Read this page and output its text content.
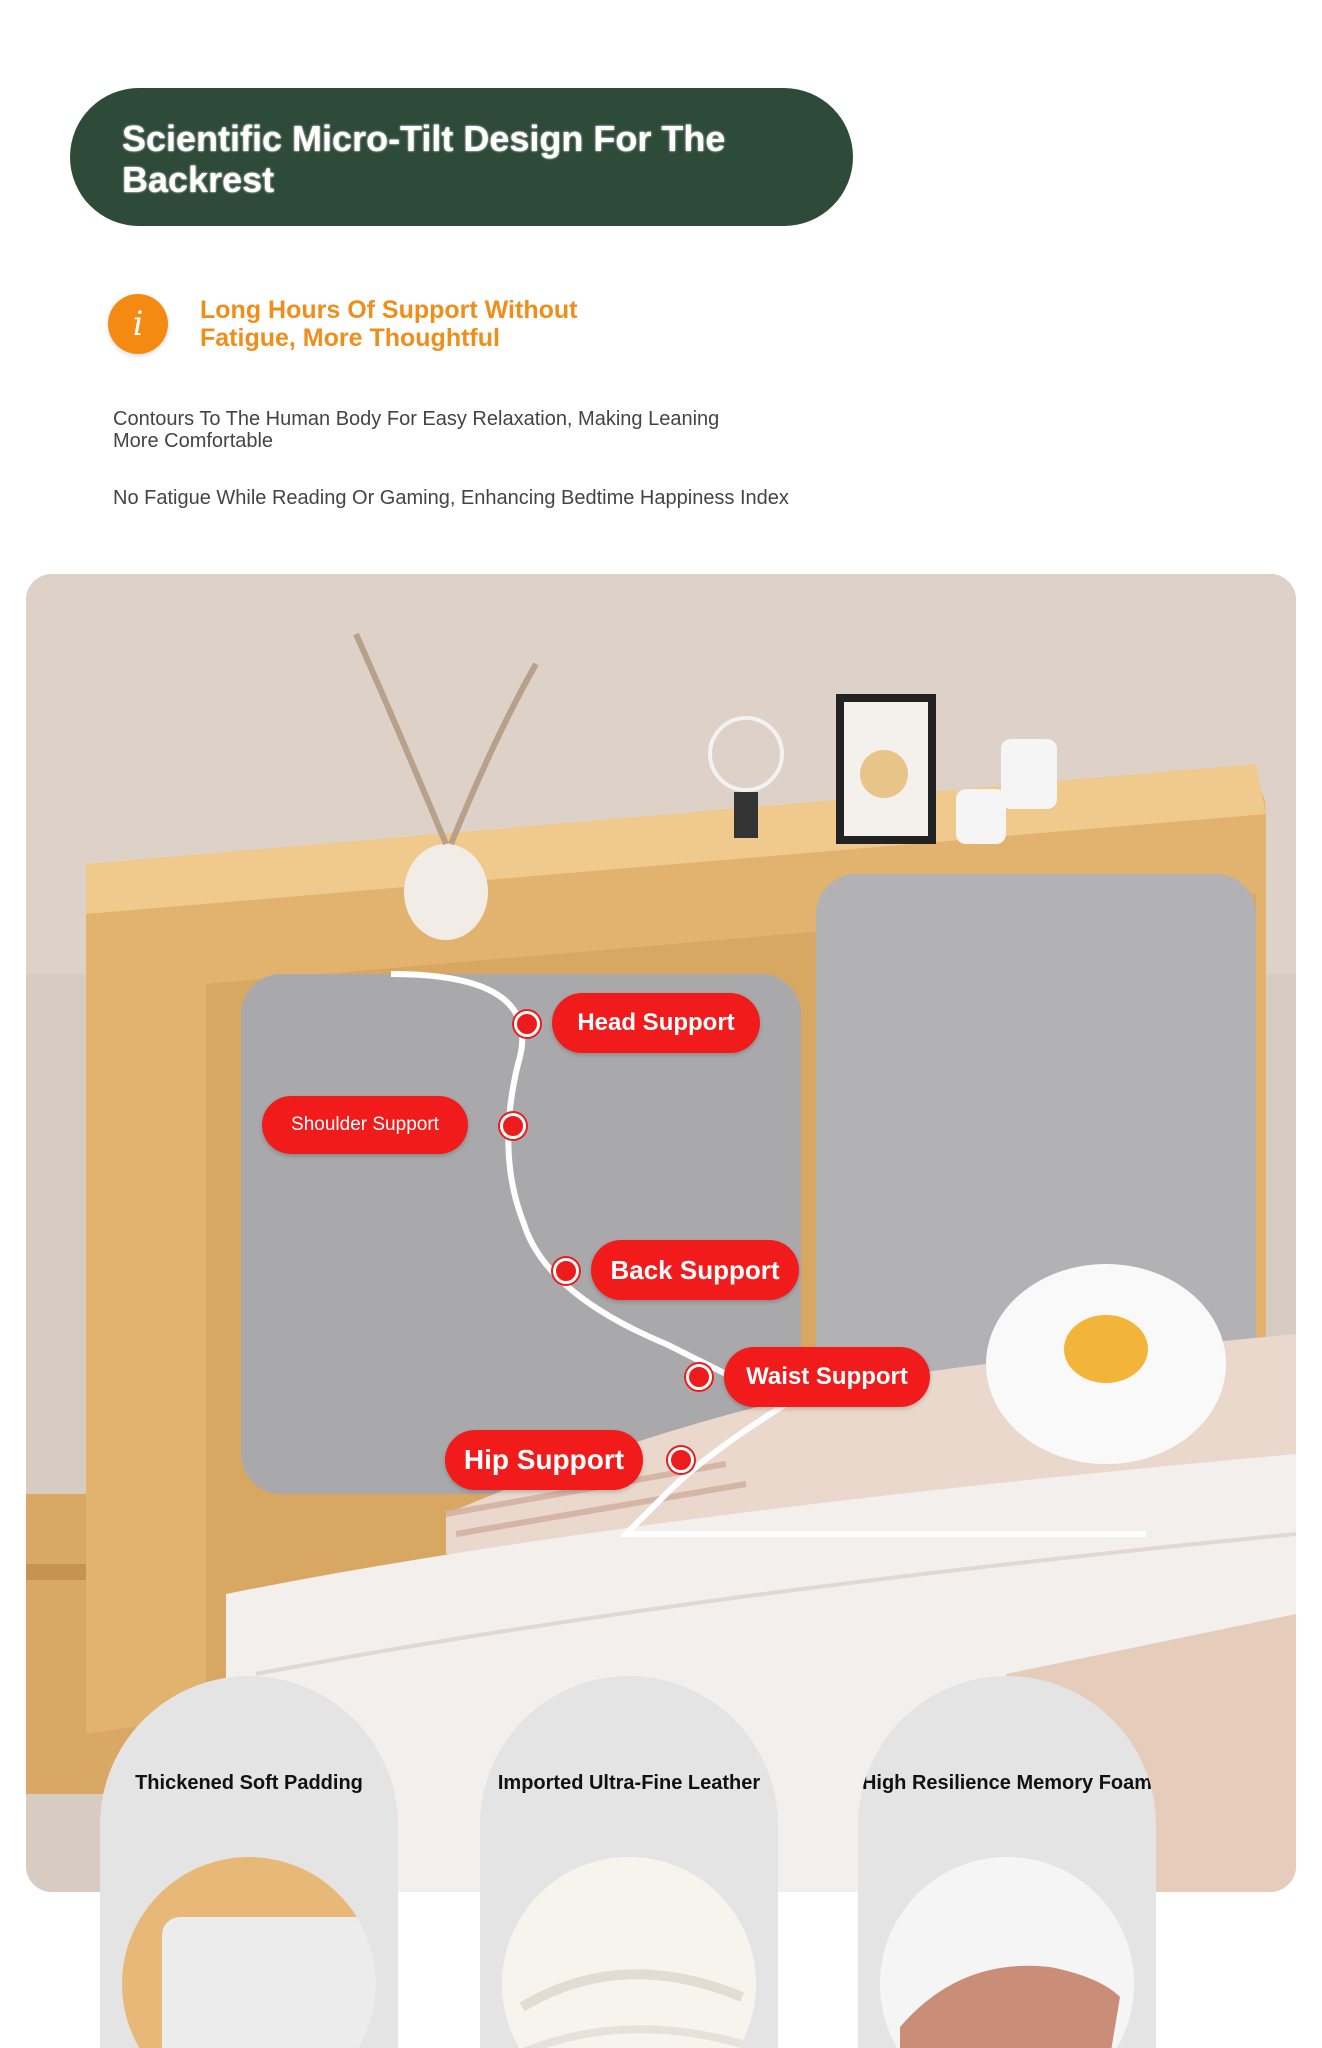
Scientific Micro-Tilt Design For The Backrest
i	Long Hours Of Support Without
Fatigue, More Thoughtful
Contours To The Human Body For Easy Relaxation, Making Leaning
More Comfortable
No Fatigue While Reading Or Gaming, Enhancing Bedtime Happiness Index
Head Support
Shoulder Support
Back Support
Waist Support
Hip Support
Thickened Soft Padding	Imported Ultra-Fine Leather	High Resilience Memory Foam
